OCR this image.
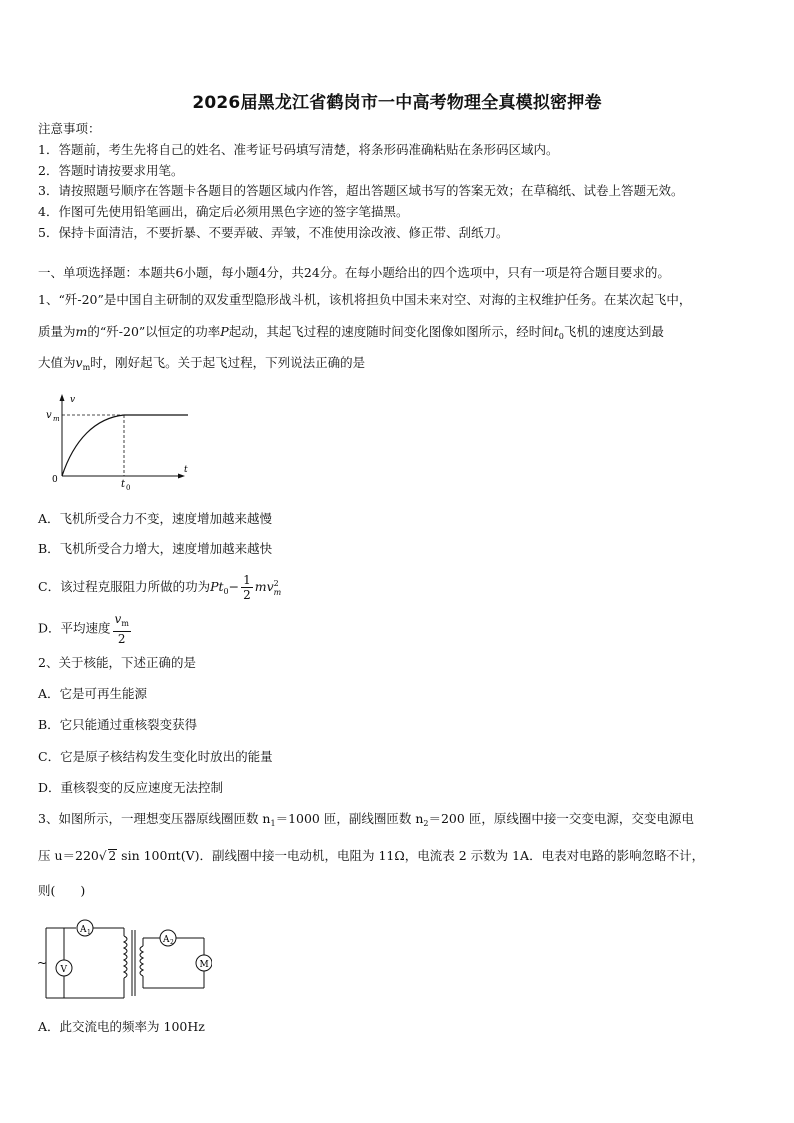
2026届黑龙江省鹤岗市一中高考物理全真模拟密押卷
注意事项：
1．答题前，考生先将自己的姓名、准考证号码填写清楚，将条形码准确粘贴在条形码区域内。
2．答题时请按要求用笔。
3．请按照题号顺序在答题卡各题目的答题区域内作答，超出答题区域书写的答案无效；在草稿纸、试卷上答题无效。
4．作图可先使用铅笔画出，确定后必须用黑色字迹的签字笔描黑。
5．保持卡面清洁，不要折暴、不要弄破、弄皱，不准使用涂改液、修正带、刮纸刀。
一、单项选择题：本题共6小题，每小题4分，共24分。在每小题给出的四个选项中，只有一项是符合题目要求的。
1、“歼-20”是中国自主研制的双发重型隐形战斗机，该机将担负中国未来对空、对海的主权维护任务。在某次起飞中，
质量为m的“歼-20”以恒定的功率P起动，其起飞过程的速度随时间变化图像如图所示，经时间$t_0$飞机的速度达到最
大值为$v_m$时，刚好起飞。关于起飞过程，下列说法正确的是
v
v m
0
t
t 0
A．飞机所受合力不变，速度增加越来越慢
B．飞机所受合力增大，速度增加越来越快
C．该过程克服阻力所做的功为$Pt_0- \frac{1}{2}$ mv 2
m
D．平均速度 $\frac{v_m}{2}$
2、关于核能，下述正确的是
A．它是可再生能源
B．它只能通过重核裂变获得
C．它是原子核结构发生变化时放出的能量
D．重核裂变的反应速度无法控制
3、如图所示，一理想变压器原线圈匝数 $n_1=1000$ 匝，副线圈匝数 $n_2=200$ 匝，原线圈中接一交变电源，交变电源电
压 u＝220√ 2 sin 100πt(V)．副线圈中接一电动机，电阻为 11Ω，电流表 2 示数为 1A．电表对电路的影响忽略不计，
则(　　)
~
A 1
V
A 2
M
A．此交流电的频率为 100Hz
